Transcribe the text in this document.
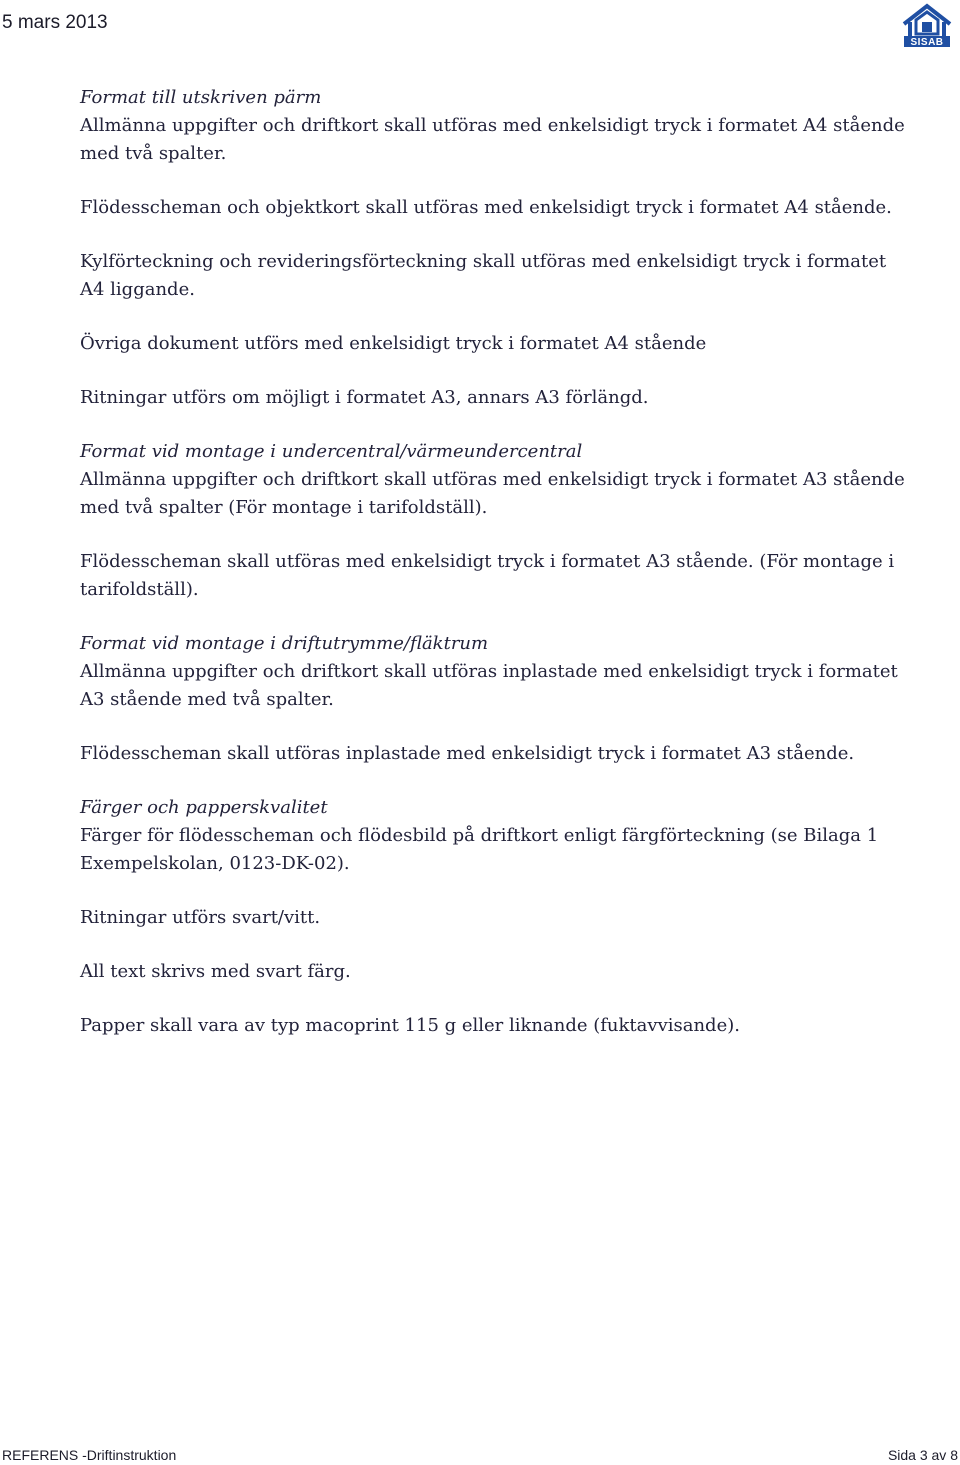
5 mars 2013
SISAB
Format till utskriven pärm

Allmänna uppgifter och driftkort skall utföras med enkelsidigt tryck i formatet A4 stående med två spalter.

Flödesscheman och objektkort skall utföras med enkelsidigt tryck i formatet A4 stående.

Kylförteckning och revideringsförteckning skall utföras med enkelsidigt tryck i formatet A4 liggande.

Övriga dokument utförs med enkelsidigt tryck i formatet A4 stående

Ritningar utförs om möjligt i formatet A3, annars A3 förlängd.

Format vid montage i undercentral/värmeundercentral

Allmänna uppgifter och driftkort skall utföras med enkelsidigt tryck i formatet A3 stående med två spalter (För montage i tarifoldställ).

Flödesscheman skall utföras med enkelsidigt tryck i formatet A3 stående. (För montage i tarifoldställ).

Format vid montage i driftutrymme/fläktrum

Allmänna uppgifter och driftkort skall utföras inplastade med enkelsidigt tryck i formatet A3 stående med två spalter.

Flödesscheman skall utföras inplastade med enkelsidigt tryck i formatet A3 stående.

Färger och papperskvalitet

Färger för flödesscheman och flödesbild på driftkort enligt färgförteckning (se Bilaga 1 Exempelskolan, 0123-DK-02).

Ritningar utförs svart/vitt.

All text skrivs med svart färg.

Papper skall vara av typ macoprint 115 g eller liknande (fuktavvisande).

REFERENS -Driftinstruktion	Sida 3 av 8
